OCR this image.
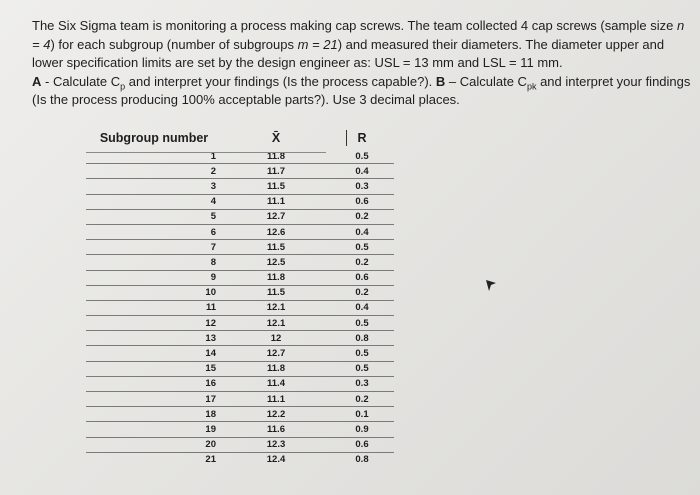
The Six Sigma team is monitoring a process making cap screws. The team collected 4 cap screws (sample size n = 4) for each subgroup (number of subgroups m = 21) and measured their diameters. The diameter upper and lower specification limits are set by the design engineer as: USL = 13 mm and LSL = 11 mm.
A - Calculate $C_p$ and interpret your findings (Is the process capable?). B – Calculate $C_{pk}$ and interpret your findings (Is the process producing 100% acceptable parts?). Use 3 decimal places.

Subgroup number	X̄	R
1	11.8	0.5
2	11.7	0.4
3	11.5	0.3
4	11.1	0.6
5	12.7	0.2
6	12.6	0.4
7	11.5	0.5
8	12.5	0.2
9	11.8	0.6
10	11.5	0.2
11	12.1	0.4
12	12.1	0.5
13	12	0.8
14	12.7	0.5
15	11.8	0.5
16	11.4	0.3
17	11.1	0.2
18	12.2	0.1
19	11.6	0.9
20	12.3	0.6
21	12.4	0.8
